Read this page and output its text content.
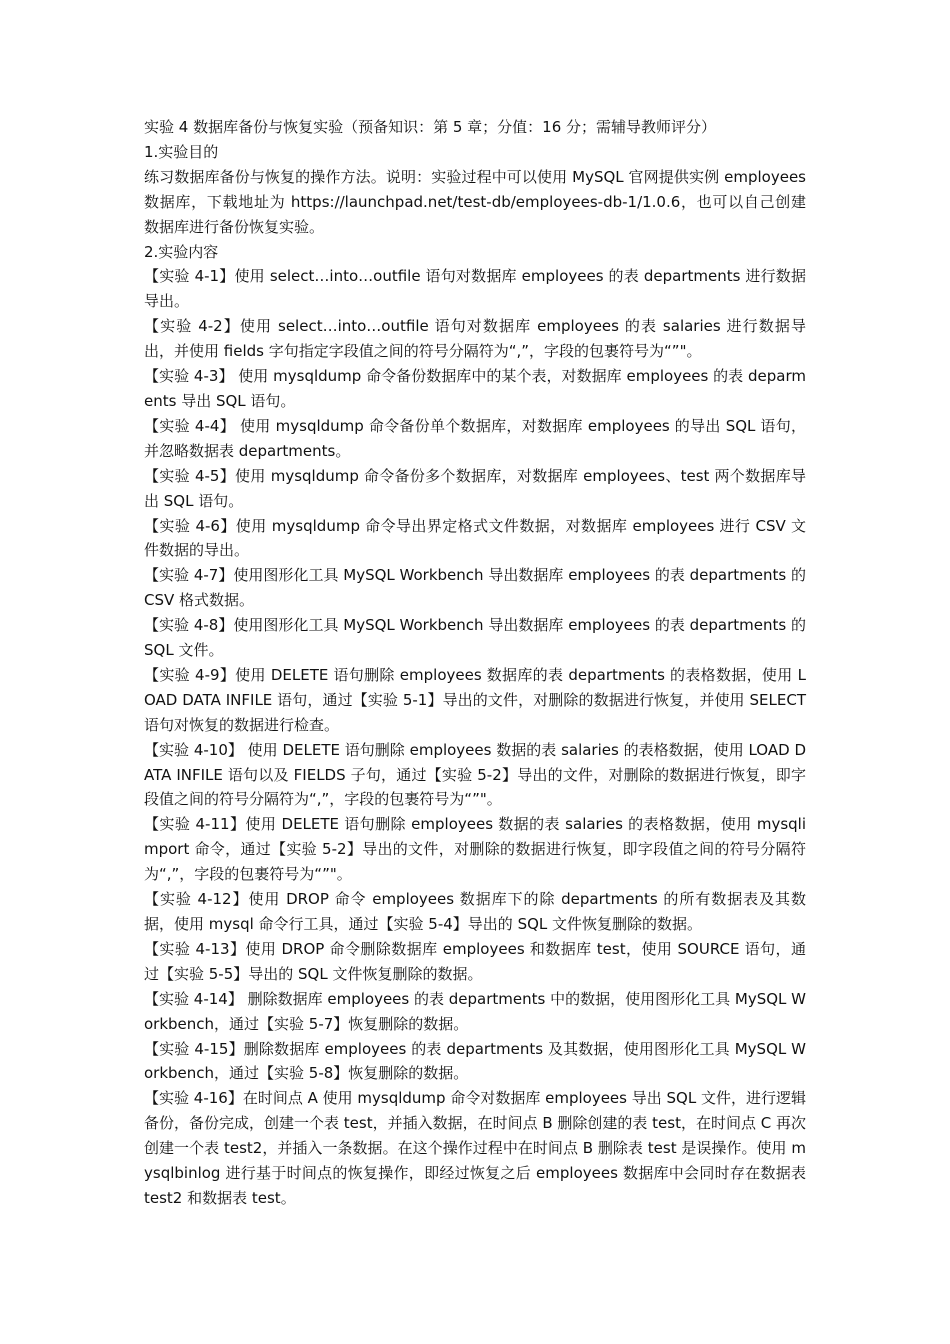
实验 4 数据库备份与恢复实验（预备知识：第 5 章；分值：16 分；需辅导教师评分）

1.实验目的

练习数据库备份与恢复的操作方法。说明：实验过程中可以使用 MySQL 官网提供实例 employees 数据库，下载地址为 https://launchpad.net/test-db/employees-db-1/1.0.6，也可以自己创建数据库进行备份恢复实验。

2.实验内容

【实验 4-1】使用 select…into…outfile 语句对数据库 employees 的表 departments 进行数据导出。

【实验 4-2】使用 select…into…outfile 语句对数据库 employees 的表 salaries 进行数据导出，并使用 fields 字句指定字段值之间的符号分隔符为“,”，字段的包裹符号为“”"。

【实验 4-3】 使用 mysqldump 命令备份数据库中的某个表，对数据库 employees 的表 deparments 导出 SQL 语句。

【实验 4-4】 使用 mysqldump 命令备份单个数据库，对数据库 employees 的导出 SQL 语句，并忽略数据表 departments。

【实验 4-5】使用 mysqldump 命令备份多个数据库，对数据库 employees、test 两个数据库导出 SQL 语句。

【实验 4-6】使用 mysqldump 命令导出界定格式文件数据，对数据库 employees 进行 CSV 文件数据的导出。

【实验 4-7】使用图形化工具 MySQL Workbench 导出数据库 employees 的表 departments 的 CSV 格式数据。

【实验 4-8】使用图形化工具 MySQL Workbench 导出数据库 employees 的表 departments 的 SQL 文件。

【实验 4-9】使用 DELETE 语句删除 employees 数据库的表 departments 的表格数据，使用 LOAD DATA INFILE 语句，通过【实验 5-1】导出的文件，对删除的数据进行恢复，并使用 SELECT 语句对恢复的数据进行检查。

【实验 4-10】 使用 DELETE 语句删除 employees 数据的表 salaries 的表格数据，使用 LOAD DATA INFILE 语句以及 FIELDS 子句，通过【实验 5-2】导出的文件，对删除的数据进行恢复，即字段值之间的符号分隔符为“,”，字段的包裹符号为“”"。

【实验 4-11】使用 DELETE 语句删除 employees 数据的表 salaries 的表格数据，使用 mysqlimport 命令，通过【实验 5-2】导出的文件，对删除的数据进行恢复，即字段值之间的符号分隔符为“,”，字段的包裹符号为“”"。

【实验 4-12】使用 DROP 命令 employees 数据库下的除 departments 的所有数据表及其数据，使用 mysql 命令行工具，通过【实验 5-4】导出的 SQL 文件恢复删除的数据。

【实验 4-13】使用 DROP 命令删除数据库 employees 和数据库 test，使用 SOURCE 语句，通过【实验 5-5】导出的 SQL 文件恢复删除的数据。

【实验 4-14】 删除数据库 employees 的表 departments 中的数据，使用图形化工具 MySQL Workbench，通过【实验 5-7】恢复删除的数据。

【实验 4-15】删除数据库 employees 的表 departments 及其数据，使用图形化工具 MySQL Workbench，通过【实验 5-8】恢复删除的数据。

【实验 4-16】在时间点 A 使用 mysqldump 命令对数据库 employees 导出 SQL 文件，进行逻辑备份，备份完成，创建一个表 test，并插入数据，在时间点 B 删除创建的表 test，在时间点 C 再次创建一个表 test2，并插入一条数据。在这个操作过程中在时间点 B 删除表 test 是误操作。使用 mysqlbinlog 进行基于时间点的恢复操作，即经过恢复之后 employees 数据库中会同时存在数据表 test2 和数据表 test。
